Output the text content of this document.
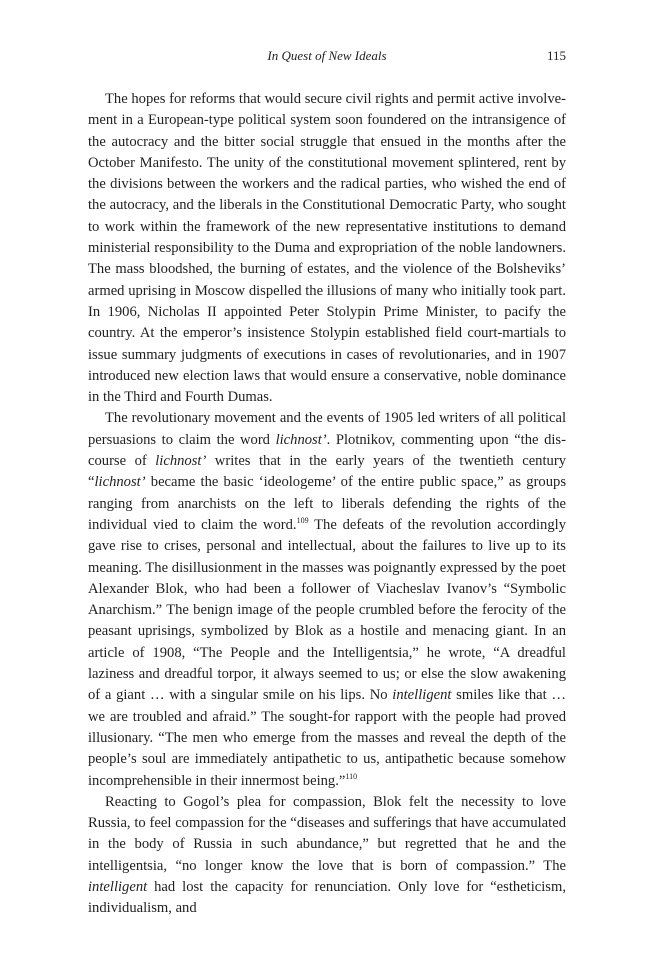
In Quest of New Ideals	115

The hopes for reforms that would secure civil rights and permit active involvement in a European-type political system soon foundered on the intransigence of the autocracy and the bitter social struggle that ensued in the months after the October Manifesto. The unity of the constitutional movement splintered, rent by the divisions between the workers and the radical parties, who wished the end of the autocracy, and the liberals in the Constitutional Democratic Party, who sought to work within the framework of the new representative institutions to demand ministerial responsibility to the Duma and expropriation of the noble landowners. The mass bloodshed, the burning of estates, and the violence of the Bolsheviks’ armed uprising in Moscow dispelled the illusions of many who initially took part. In 1906, Nicholas II appointed Peter Stolypin Prime Minister, to pacify the country. At the emperor’s insistence Stolypin established field court-martials to issue summary judgments of executions in cases of revolutionaries, and in 1907 introduced new election laws that would ensure a conservative, noble dominance in the Third and Fourth Dumas.

The revolutionary movement and the events of 1905 led writers of all political persuasions to claim the word lichnost’. Plotnikov, commenting upon “the discourse of lichnost’ writes that in the early years of the twentieth century “lichnost’ became the basic ‘ideologeme’ of the entire public space,” as groups ranging from anarchists on the left to liberals defending the rights of the individual vied to claim the word.$^{109}$ The defeats of the revolution accordingly gave rise to crises, personal and intellectual, about the failures to live up to its meaning. The disillusionment in the masses was poignantly expressed by the poet Alexander Blok, who had been a follower of Viacheslav Ivanov’s “Symbolic Anarchism.” The benign image of the people crumbled before the ferocity of the peasant uprisings, symbolized by Blok as a hostile and menacing giant. In an article of 1908, “The People and the Intelligentsia,” he wrote, “A dreadful laziness and dreadful torpor, it always seemed to us; or else the slow awakening of a giant … with a singular smile on his lips. No intelligent smiles like that … we are troubled and afraid.” The sought-for rapport with the people had proved illusionary. “The men who emerge from the masses and reveal the depth of the people’s soul are immediately antipathetic to us, antipathetic because somehow incomprehensible in their innermost being.”$^{110}$

Reacting to Gogol’s plea for compassion, Blok felt the necessity to love Russia, to feel compassion for the “diseases and sufferings that have accumulated in the body of Russia in such abundance,” but regretted that he and the intelligentsia, “no longer know the love that is born of compassion.” The intelligent had lost the capacity for renunciation. Only love for “estheticism, individualism, and
